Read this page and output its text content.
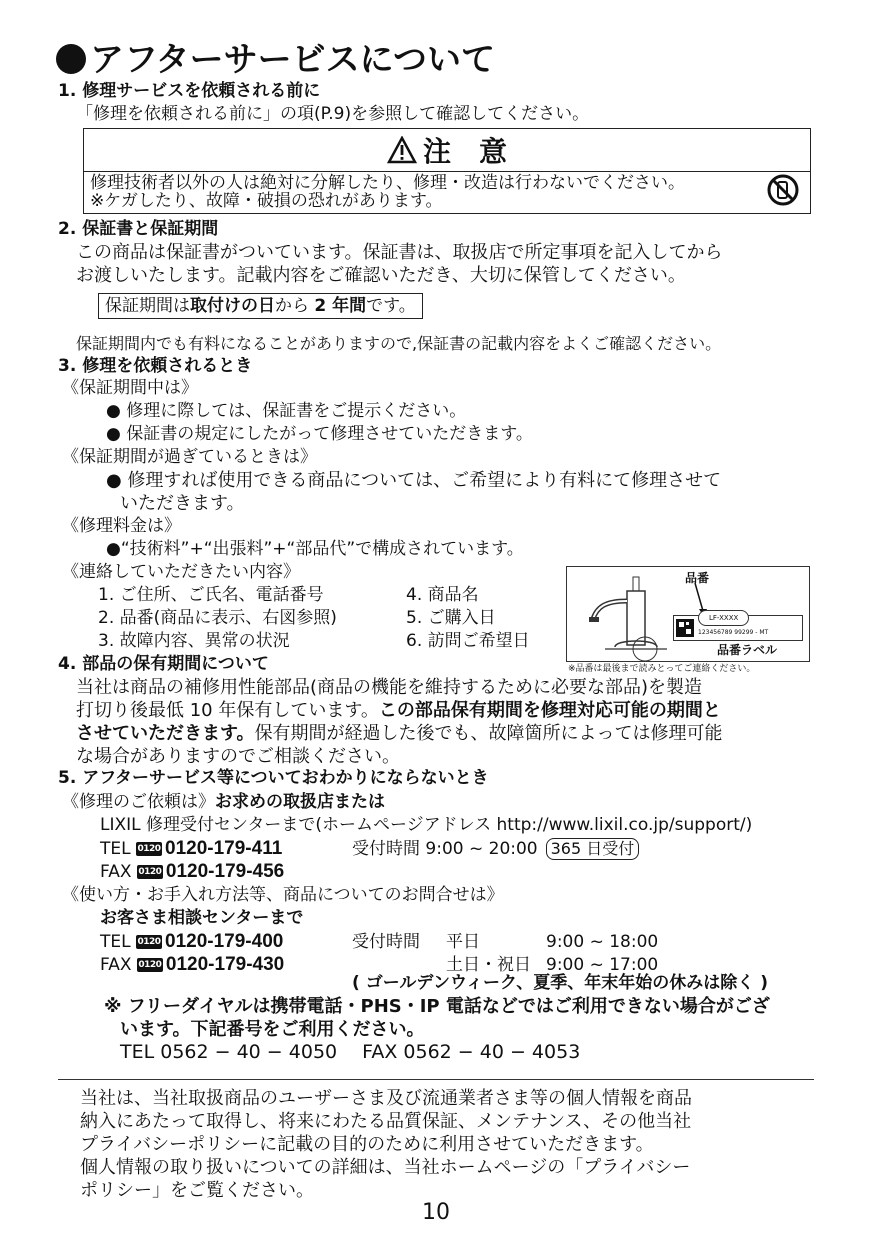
アフターサービスについて
1. 修理サービスを依頼される前に
「修理を依頼される前に」の項(P.9)を参照して確認してください。
注　意
修理技術者以外の人は絶対に分解したり、修理・改造は行わないでください。
※ケガしたり、故障・破損の恐れがあります。
2. 保証書と保証期間
この商品は保証書がついています。保証書は、取扱店で所定事項を記入してから
お渡しいたします。記載内容をご確認いただき、大切に保管してください。
保証期間は取付けの日から 2 年間です。
保証期間内でも有料になることがありますので,保証書の記載内容をよくご確認ください。
3. 修理を依頼されるとき
《保証期間中は》
● 修理に際しては、保証書をご提示ください。
● 保証書の規定にしたがって修理させていただきます。
《保証期間が過ぎているときは》
● 修理すれば使用できる商品については、ご希望により有料にて修理させて
いただきます。
《修理料金は》
●“技術料”+“出張料”+“部品代”で構成されています。
《連絡していただきたい内容》
1. ご住所、ご氏名、電話番号
2. 品番(商品に表示、右図参照)
3. 故障内容、異常の状況
4. 商品名
5. ご購入日
6. 訪問ご希望日
品番
LF-XXXX
123456789 99299 - MT
品番ラベル
※品番は最後まで読みとってご連絡ください。
4. 部品の保有期間について
当社は商品の補修用性能部品(商品の機能を維持するために必要な部品)を製造
打切り後最低 10 年保有しています。この部品保有期間を修理対応可能の期間と
させていただきます。保有期間が経過した後でも、故障箇所によっては修理可能
な場合がありますのでご相談ください。
5. アフターサービス等についておわかりにならないとき
《修理のご依頼は》お求めの取扱店または
LIXIL 修理受付センターまで(ホームページアドレス http://www.lixil.co.jp/support/)
TEL 0120 0120-179-411	受付時間 9:00 ~ 20:00 365 日受付
FAX 0120 0120-179-456
《使い方・お手入れ方法等、商品についてのお問合せは》
お客さま相談センターまで
TEL 0120 0120-179-400
FAX 0120 0120-179-430
受付時間 平日	9:00 ~ 18:00
土日・祝日 9:00 ~ 17:00
( ゴールデンウィーク、夏季、年末年始の休みは除く )
※ フリーダイヤルは携帯電話・PHS・IP 電話などではご利用できない場合がござ
います。下記番号をご利用ください。
TEL 0562 − 40 − 4050　 FAX 0562 − 40 − 4053
当社は、当社取扱商品のユーザーさま及び流通業者さま等の個人情報を商品
納入にあたって取得し、将来にわたる品質保証、メンテナンス、その他当社
プライバシーポリシーに記載の目的のために利用させていただきます。
個人情報の取り扱いについての詳細は、当社ホームページの「プライバシー
ポリシー」をご覧ください。
10
